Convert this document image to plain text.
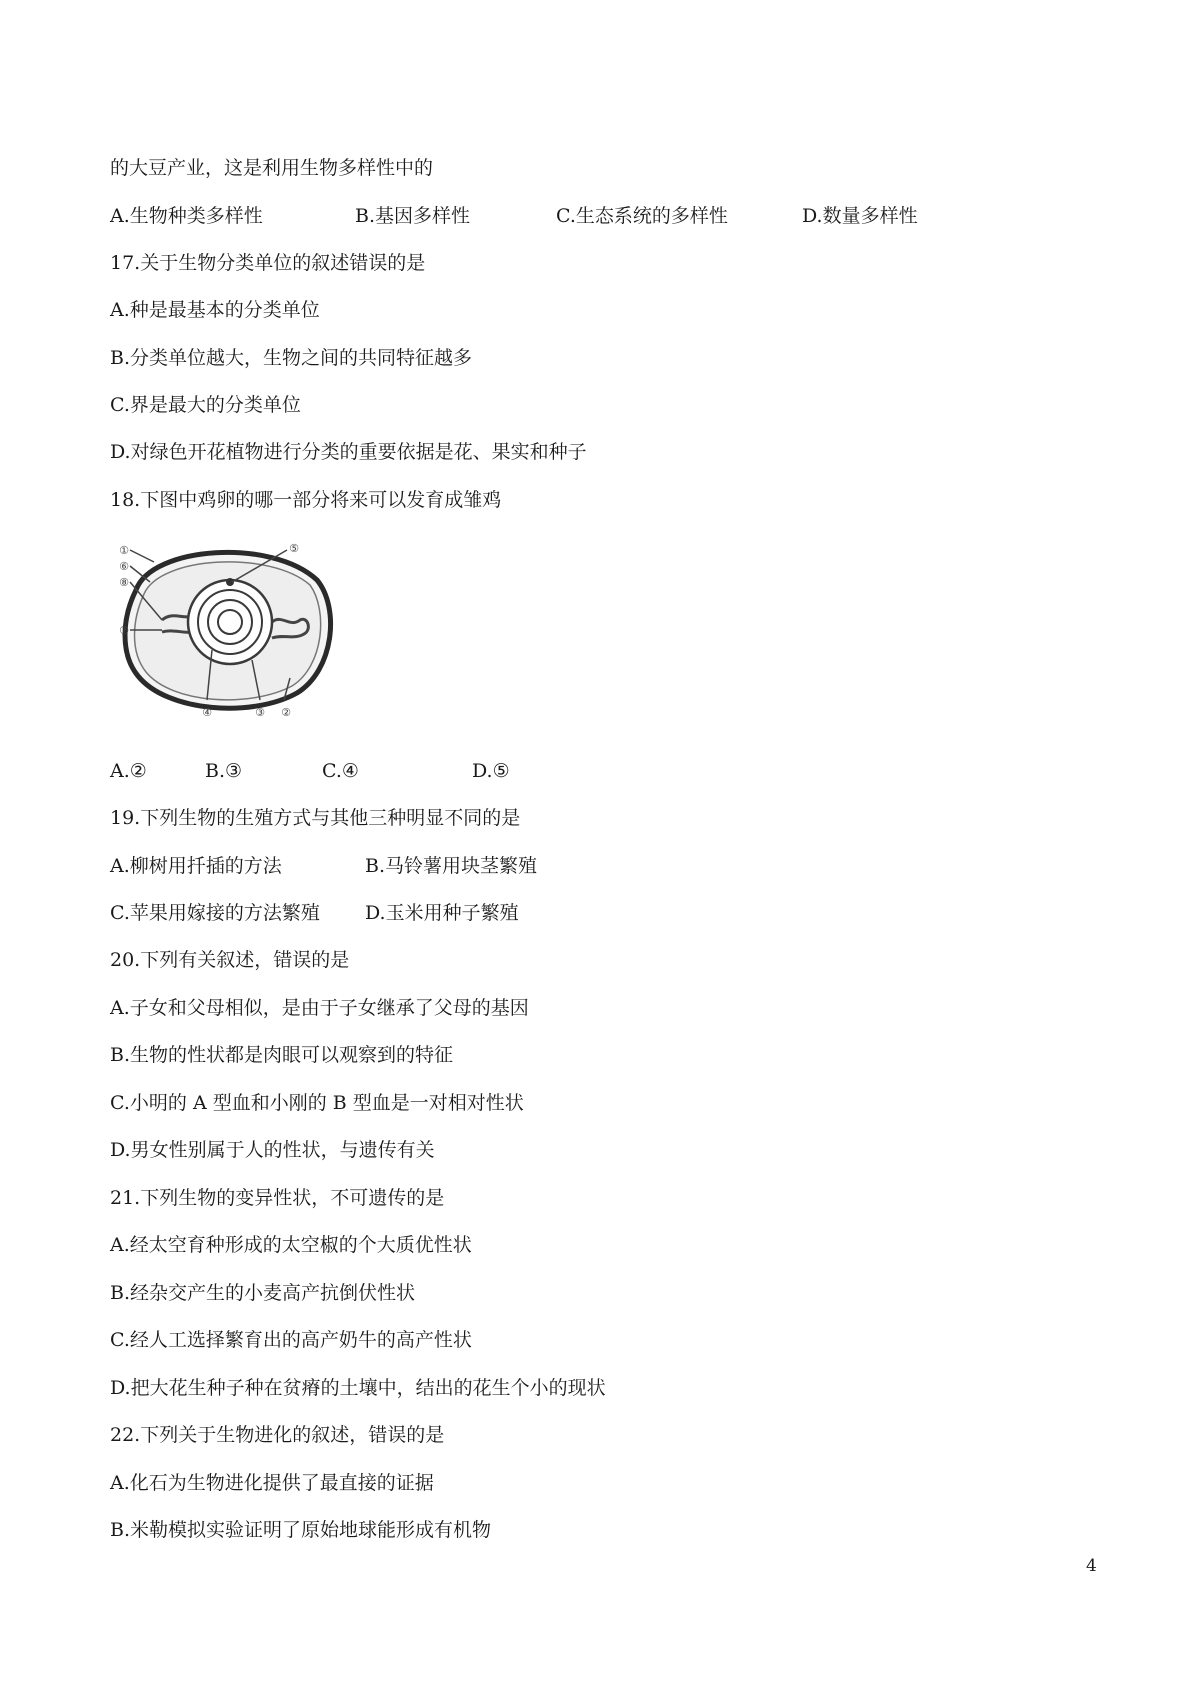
的大豆产业，这是利用生物多样性中的
A.生物种类多样性	B.基因多样性	C.生态系统的多样性	D.数量多样性
17.关于生物分类单位的叙述错误的是
A.种是最基本的分类单位
B.分类单位越大，生物之间的共同特征越多
C.界是最大的分类单位
D.对绿色开花植物进行分类的重要依据是花、果实和种子
18.下图中鸡卵的哪一部分将来可以发育成雏鸡
①
⑥
⑧
⑦
⑤
④	③ ②
A.②	B.③	C.④	D.⑤
19.下列生物的生殖方式与其他三种明显不同的是
A.柳树用扦插的方法	B.马铃薯用块茎繁殖
C.苹果用嫁接的方法繁殖 D.玉米用种子繁殖
20.下列有关叙述，错误的是
A.子女和父母相似，是由于子女继承了父母的基因
B.生物的性状都是肉眼可以观察到的特征
C.小明的 A 型血和小刚的 B 型血是一对相对性状
D.男女性别属于人的性状，与遗传有关
21.下列生物的变异性状，不可遗传的是
A.经太空育种形成的太空椒的个大质优性状
B.经杂交产生的小麦高产抗倒伏性状
C.经人工选择繁育出的高产奶牛的高产性状
D.把大花生种子种在贫瘠的土壤中，结出的花生个小的现状
22.下列关于生物进化的叙述，错误的是
A.化石为生物进化提供了最直接的证据
B.米勒模拟实验证明了原始地球能形成有机物
4
